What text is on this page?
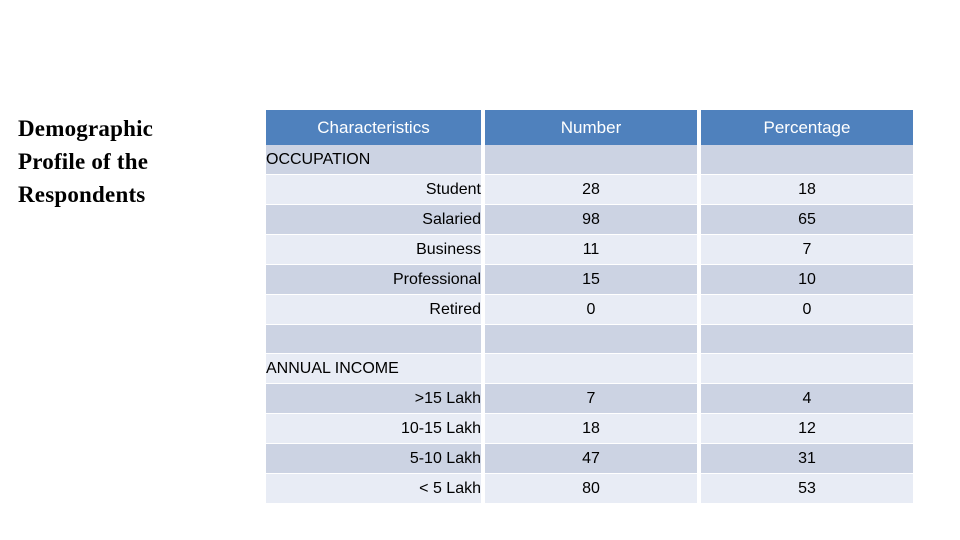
Demographic
Profile of the
Respondents
Characteristics		Number		Percentage
OCCUPATION				
Student		28		18
Salaried		98		65
Business		11		7
Professional		15		10
Retired		0		0

ANNUAL INCOME				
>15 Lakh		7		4
10-15 Lakh		18		12
5-10 Lakh		47		31
< 5 Lakh		80		53
